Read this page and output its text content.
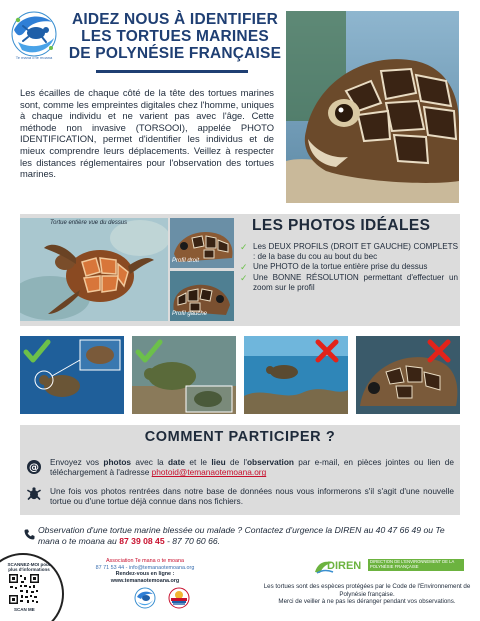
Te mana o te moana
AIDEZ NOUS À IDENTIFIER
LES TORTUES MARINES
DE POLYNÉSIE FRANÇAISE
Les écailles de chaque côté de la tête des tortues marines sont, comme les empreintes digitales chez l'homme, uniques à chaque individu et ne varient pas avec l'âge. Cette méthode non invasive (TORSOOI), appelée PHOTO IDENTIFICATION, permet d'identifier les individus et de mieux comprendre leurs déplacements. Veillez à respecter les distances réglementaires pour l'observation des tortues marines.
Tortue entière vue du dessus
Profil droit
Profil gauche
LES PHOTOS IDÉALES
✓ Les DEUX PROFILS (DROIT ET GAUCHE) COMPLETS : de la base du cou au bout du bec
✓ Une PHOTO de la tortue entière prise du dessus
✓ Une BONNE RÉSOLUTION permettant d'effectuer un zoom sur le profil
COMMENT PARTICIPER ?
@
Envoyez vos photos avec la date et le lieu de l'observation par e-mail, en pièces jointes ou lien de téléchargement à l'adresse photoid@temanaotemoana.org
Une fois vos photos rentrées dans notre base de données nous vous informerons s'il s'agit d'une nouvelle tortue ou d'une tortue déjà connue dans nos fichiers.
Observation d'une tortue marine blessée ou malade ? Contactez d'urgence la DIREN au 40 47 66 49 ou Te mana o te moana au 87 39 08 45 - 87 70 60 66.
SCANNEZ-MOI pour plus d'informations
SCAN ME
Association Te mana o te moana
87 71 53 44 - info@temanaotemoana.org
Rendez-vous en ligne : www.temanaotemoana.org
DIREN	DIRECTION DE L'ENVIRONNEMENT DE LA POLYNÉSIE FRANÇAISE
Les tortues sont des espèces protégées par le Code de l'Environnement de Polynésie française.
Merci de veiller à ne pas les déranger pendant vos observations.
